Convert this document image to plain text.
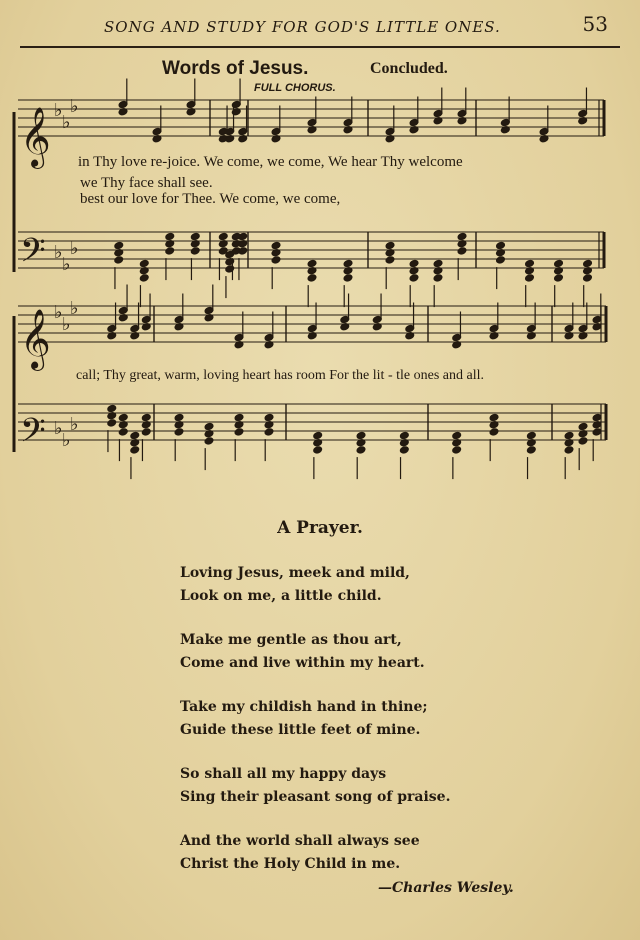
SONG AND STUDY FOR GOD'S LITTLE ONES.	53
Words of Jesus.	Concluded.
FULL CHORUS.
𝄞
𝄢
𝄞
𝄢
♭
♭
♭
♭
♭
♭
♭
♭
♭
♭
♭
♭
in Thy love re-joice. We come, we come, We hear Thy welcome
we Thy face shall see.
best our love for Thee. We come, we come,
call; Thy great, warm, loving heart has room For the lit - tle ones and all.
A Prayer.
Loving Jesus, meek and mild,
Look on me, a little child.
Make me gentle as thou art,
Come and live within my heart.
Take my childish hand in thine;
Guide these little feet of mine.
So shall all my happy days
Sing their pleasant song of praise.
And the world shall always see
Christ the Holy Child in me.
—Charles Wesley.
